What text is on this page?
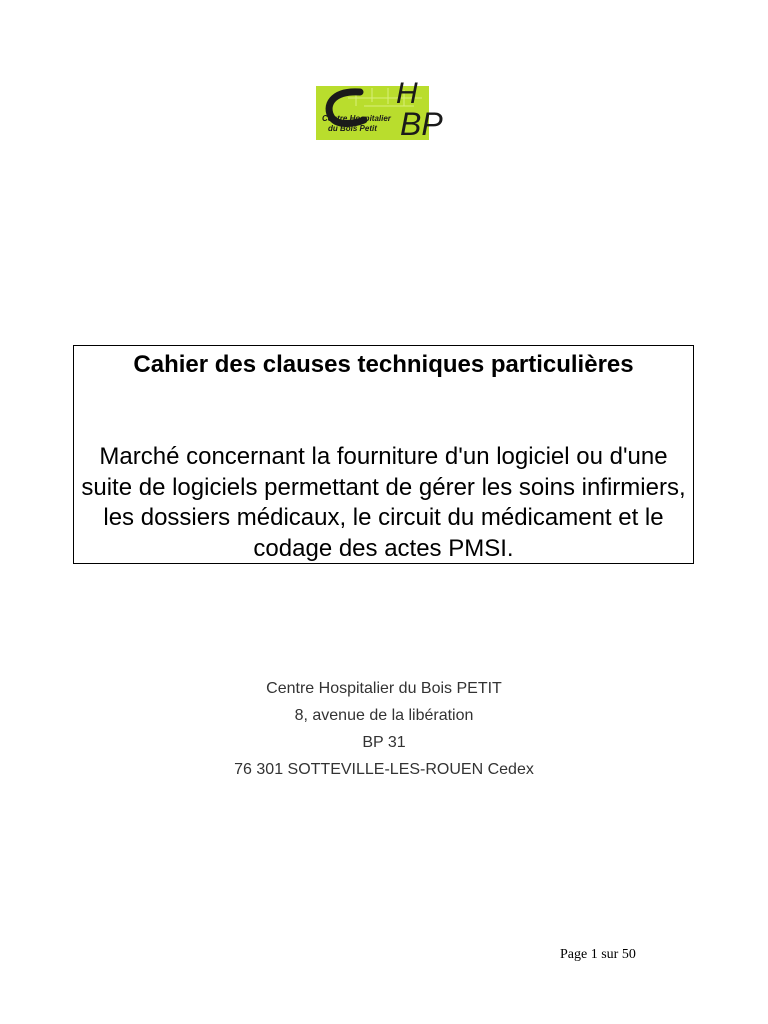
H
BP
Centre Hospitalier
du Bois Petit
Cahier des clauses techniques particulières

Marché concernant la fourniture d'un logiciel ou d'une suite de logiciels permettant de gérer les soins infirmiers, les dossiers médicaux, le circuit du médicament et le codage des actes PMSI.

Centre Hospitalier du Bois PETIT
8, avenue de la libération
BP 31
76 301 SOTTEVILLE-LES-ROUEN Cedex
Page 1 sur 50
